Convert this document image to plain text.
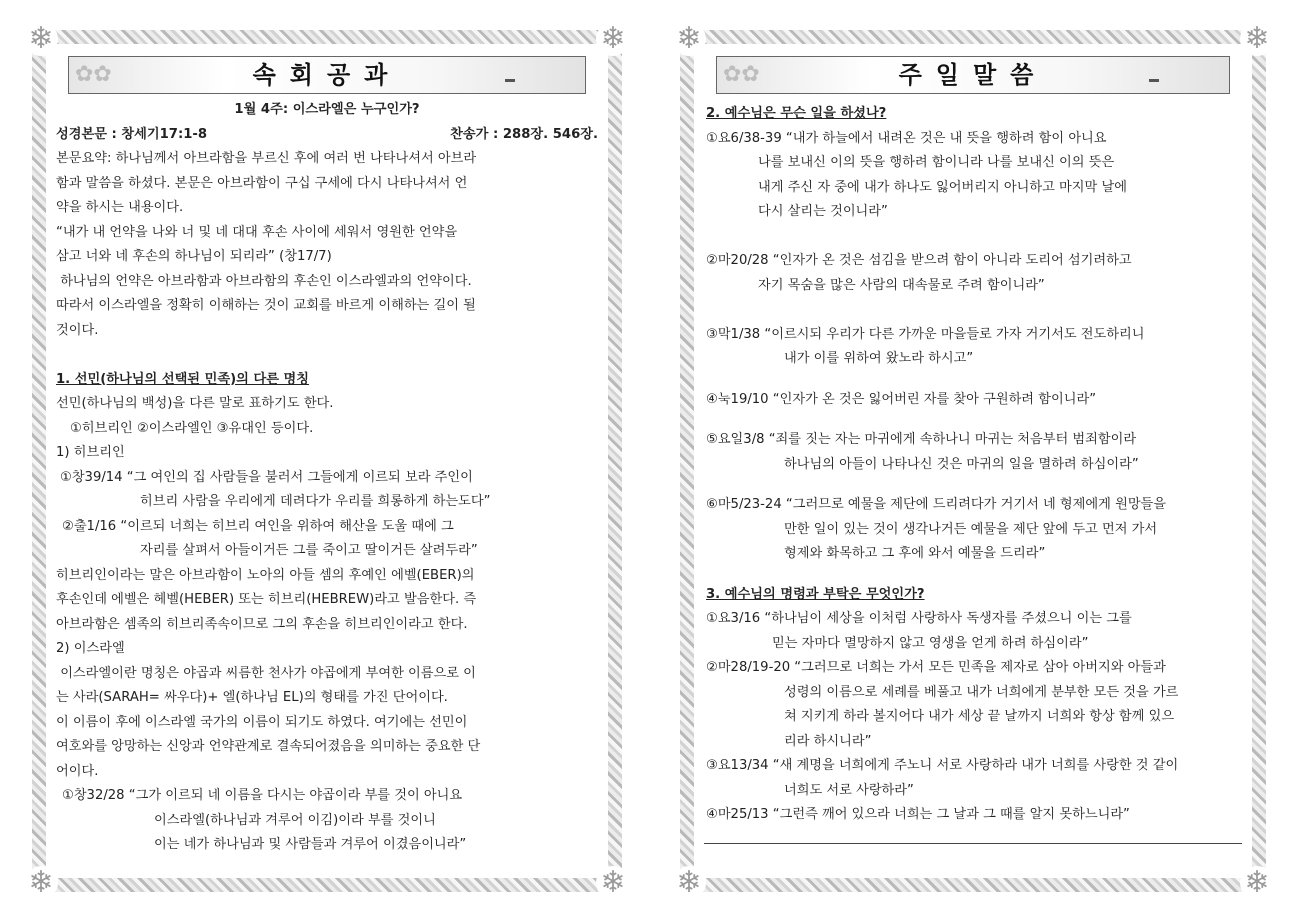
❄	❄
❄	❄
✿✿	속회공과
1월 4주: 이스라엘은 누구인가?
성경본문 : 창세기17:1-8	찬송가 : 288장. 546장.
본문요약: 하나님께서 아브라함을 부르신 후에 여러 번 나타나셔서 아브라
함과 말씀을 하셨다. 본문은 아브라함이 구십 구세에 다시 나타나셔서 언
약을 하시는 내용이다.
“내가 내 언약을 나와 너 및 네 대대 후손 사이에 세워서 영원한 언약을
삼고 너와 네 후손의 하나님이 되리라” (창17/7)
하나님의 언약은 아브라함과 아브라함의 후손인 이스라엘과의 언약이다.
따라서 이스라엘을 정확히 이해하는 것이 교회를 바르게 이해하는 길이 될
것이다.
1. 선민(하나님의 선택된 민족)의 다른 명칭
선민(하나님의 백성)을 다른 말로 표하기도 한다.
①히브리인 ②이스라엘인 ③유대인 등이다.
1) 히브리인
①창39/14 “그 여인의 집 사람들을 불러서 그들에게 이르되 보라 주인이
히브리 사람을 우리에게 데려다가 우리를 희롱하게 하는도다”
②출1/16 “이르되 너희는 히브리 여인을 위하여 해산을 도울 때에 그
자리를 살펴서 아들이거든 그를 죽이고 딸이거든 살려두라”
히브리인이라는 말은 아브라함이 노아의 아들 셈의 후예인 에벨(EBER)의
후손인데 에벨은 헤벨(HEBER) 또는 히브리(HEBREW)라고 발음한다. 즉
아브라함은 셈족의 히브리족속이므로 그의 후손을 히브리인이라고 한다.
2) 이스라엘
이스라엘이란 명칭은 야곱과 씨름한 천사가 야곱에게 부여한 이름으로 이
는 사라(SARAH= 싸우다)+ 엘(하나님 EL)의 형태를 가진 단어이다.
이 이름이 후에 이스라엘 국가의 이름이 되기도 하였다. 여기에는 선민이
여호와를 앙망하는 신앙과 언약관계로 결속되어졌음을 의미하는 중요한 단
어이다.
①창32/28 “그가 이르되 네 이름을 다시는 야곱이라 부를 것이 아니요
이스라엘(하나님과 겨루어 이김)이라 부를 것이니
이는 네가 하나님과 및 사람들과 겨루어 이겼음이니라”
❄	❄
❄	❄
✿✿	주일말씀
2. 예수님은 무슨 일을 하셨나?
①요6/38-39 “내가 하늘에서 내려온 것은 내 뜻을 행하려 함이 아니요
나를 보내신 이의 뜻을 행하려 함이니라 나를 보내신 이의 뜻은
내게 주신 자 중에 내가 하나도 잃어버리지 아니하고 마지막 날에
다시 살리는 것이니라”
②마20/28 “인자가 온 것은 섬김을 받으려 함이 아니라 도리어 섬기려하고
자기 목숨을 많은 사람의 대속물로 주려 함이니라”
③막1/38 “이르시되 우리가 다른 가까운 마을들로 가자 거기서도 전도하리니
내가 이를 위하여 왔노라 하시고”
④눅19/10 “인자가 온 것은 잃어버린 자를 찾아 구원하려 함이니라”
⑤요일3/8 “죄를 짓는 자는 마귀에게 속하나니 마귀는 처음부터 범죄함이라
하나님의 아들이 나타나신 것은 마귀의 일을 멸하려 하심이라”
⑥마5/23-24 “그러므로 예물을 제단에 드리려다가 거기서 네 형제에게 원망들을
만한 일이 있는 것이 생각나거든 예물을 제단 앞에 두고 먼저 가서
형제와 화목하고 그 후에 와서 예물을 드리라”
3. 예수님의 명령과 부탁은 무엇인가?
①요3/16 “하나님이 세상을 이처럼 사랑하사 독생자를 주셨으니 이는 그를
믿는 자마다 멸망하지 않고 영생을 얻게 하려 하심이라”
②마28/19-20 “그러므로 너희는 가서 모든 민족을 제자로 삼아 아버지와 아들과
성령의 이름으로 세례를 베풀고 내가 너희에게 분부한 모든 것을 가르
쳐 지키게 하라 볼지어다 내가 세상 끝 날까지 너희와 항상 함께 있으
리라 하시니라”
③요13/34 “새 계명을 너희에게 주노니 서로 사랑하라 내가 너희를 사랑한 것 같이
너희도 서로 사랑하라”
④마25/13 “그런즉 깨어 있으라 너희는 그 날과 그 때를 알지 못하느니라”
